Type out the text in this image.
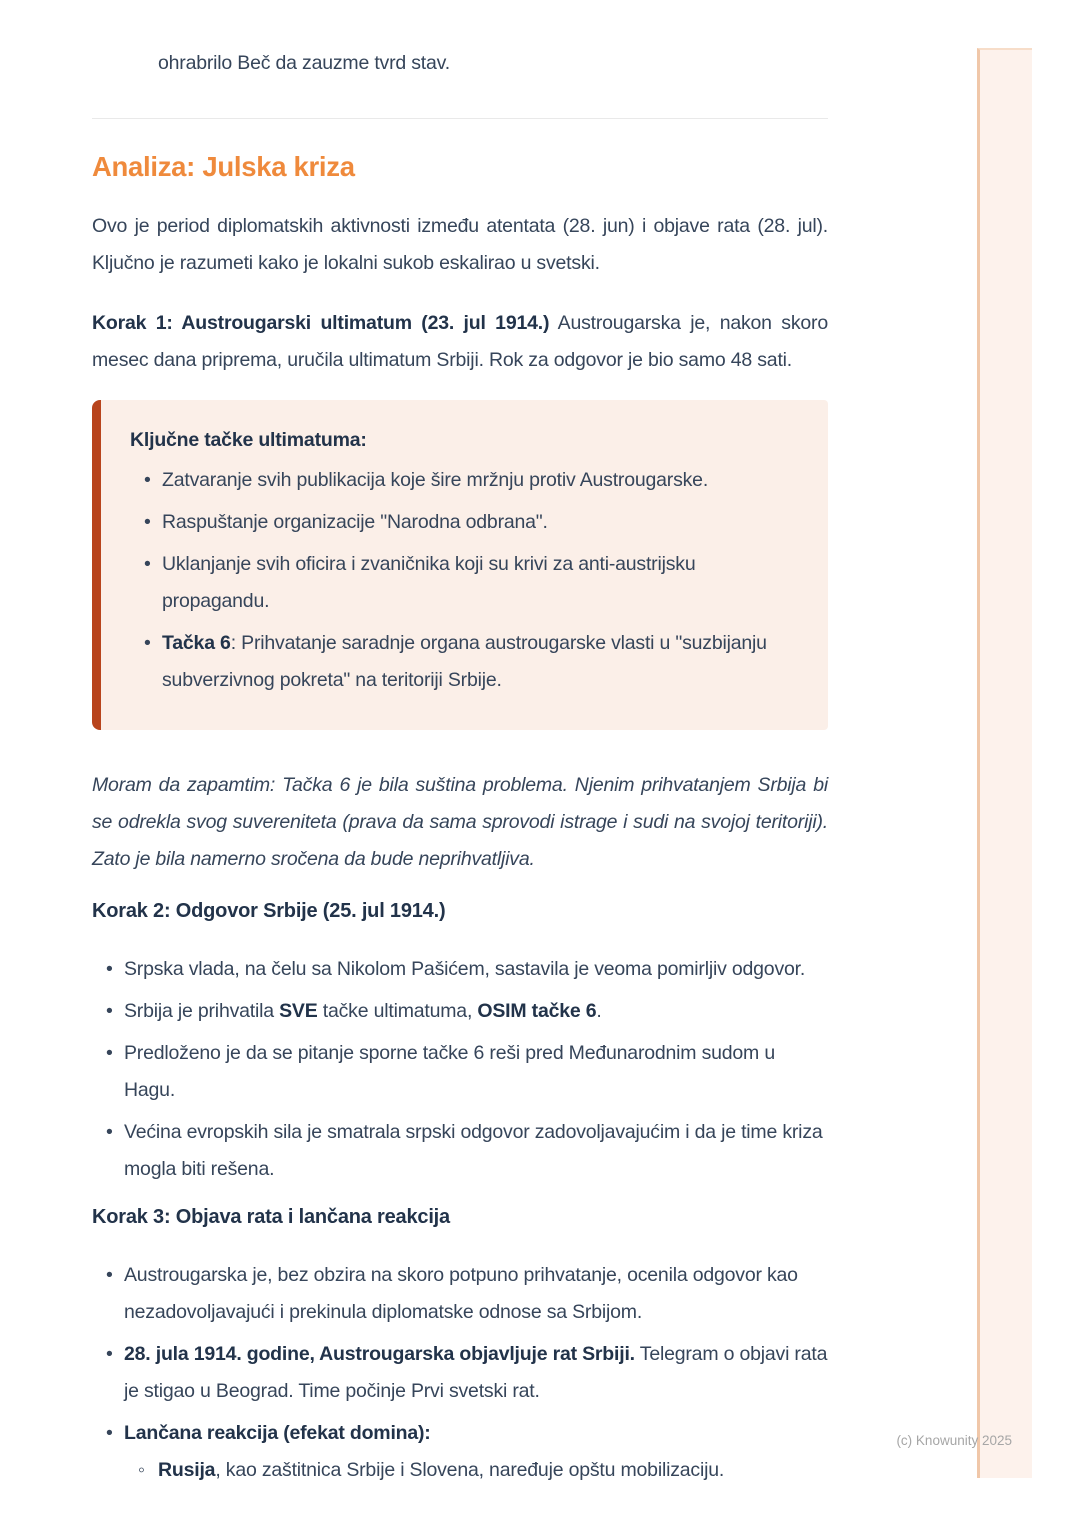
ohrabrilo Beč da zauzme tvrd stav.

Analiza: Julska kriza

Ovo je period diplomatskih aktivnosti između atentata (28. jun) i objave rata (28. jul). Ključno je razumeti kako je lokalni sukob eskalirao u svetski.

Korak 1: Austrougarski ultimatum (23. jul 1914.) Austrougarska je, nakon skoro mesec dana priprema, uručila ultimatum Srbiji. Rok za odgovor je bio samo 48 sati.

Ključne tačke ultimatuma:

• Zatvaranje svih publikacija koje šire mržnju protiv Austrougarske.
• Raspuštanje organizacije "Narodna odbrana".
• Uklanjanje svih oficira i zvaničnika koji su krivi za anti-austrijsku propagandu.
• Tačka 6: Prihvatanje saradnje organa austrougarske vlasti u "suzbijanju subverzivnog pokreta" na teritoriji Srbije.

Moram da zapamtim: Tačka 6 je bila suština problema. Njenim prihvatanjem Srbija bi se odrekla svog suvereniteta (prava da sama sprovodi istrage i sudi na svojoj teritoriji). Zato je bila namerno sročena da bude neprihvatljiva.

Korak 2: Odgovor Srbije (25. jul 1914.)

• Srpska vlada, na čelu sa Nikolom Pašićem, sastavila je veoma pomirljiv odgovor.
• Srbija je prihvatila SVE tačke ultimatuma, OSIM tačke 6.
• Predloženo je da se pitanje sporne tačke 6 reši pred Međunarodnim sudom u Hagu.
• Većina evropskih sila je smatrala srpski odgovor zadovoljavajućim i da je time kriza mogla biti rešena.

Korak 3: Objava rata i lančana reakcija

• Austrougarska je, bez obzira na skoro potpuno prihvatanje, ocenila odgovor kao nezadovoljavajući i prekinula diplomatske odnose sa Srbijom.
• 28. jula 1914. godine, Austrougarska objavljuje rat Srbiji. Telegram o objavi rata je stigao u Beograd. Time počinje Prvi svetski rat.
• Lančana reakcija (efekat domina):
◦ Rusija, kao zaštitnica Srbije i Slovena, naređuje opštu mobilizaciju.
(c) Knowunity 2025
